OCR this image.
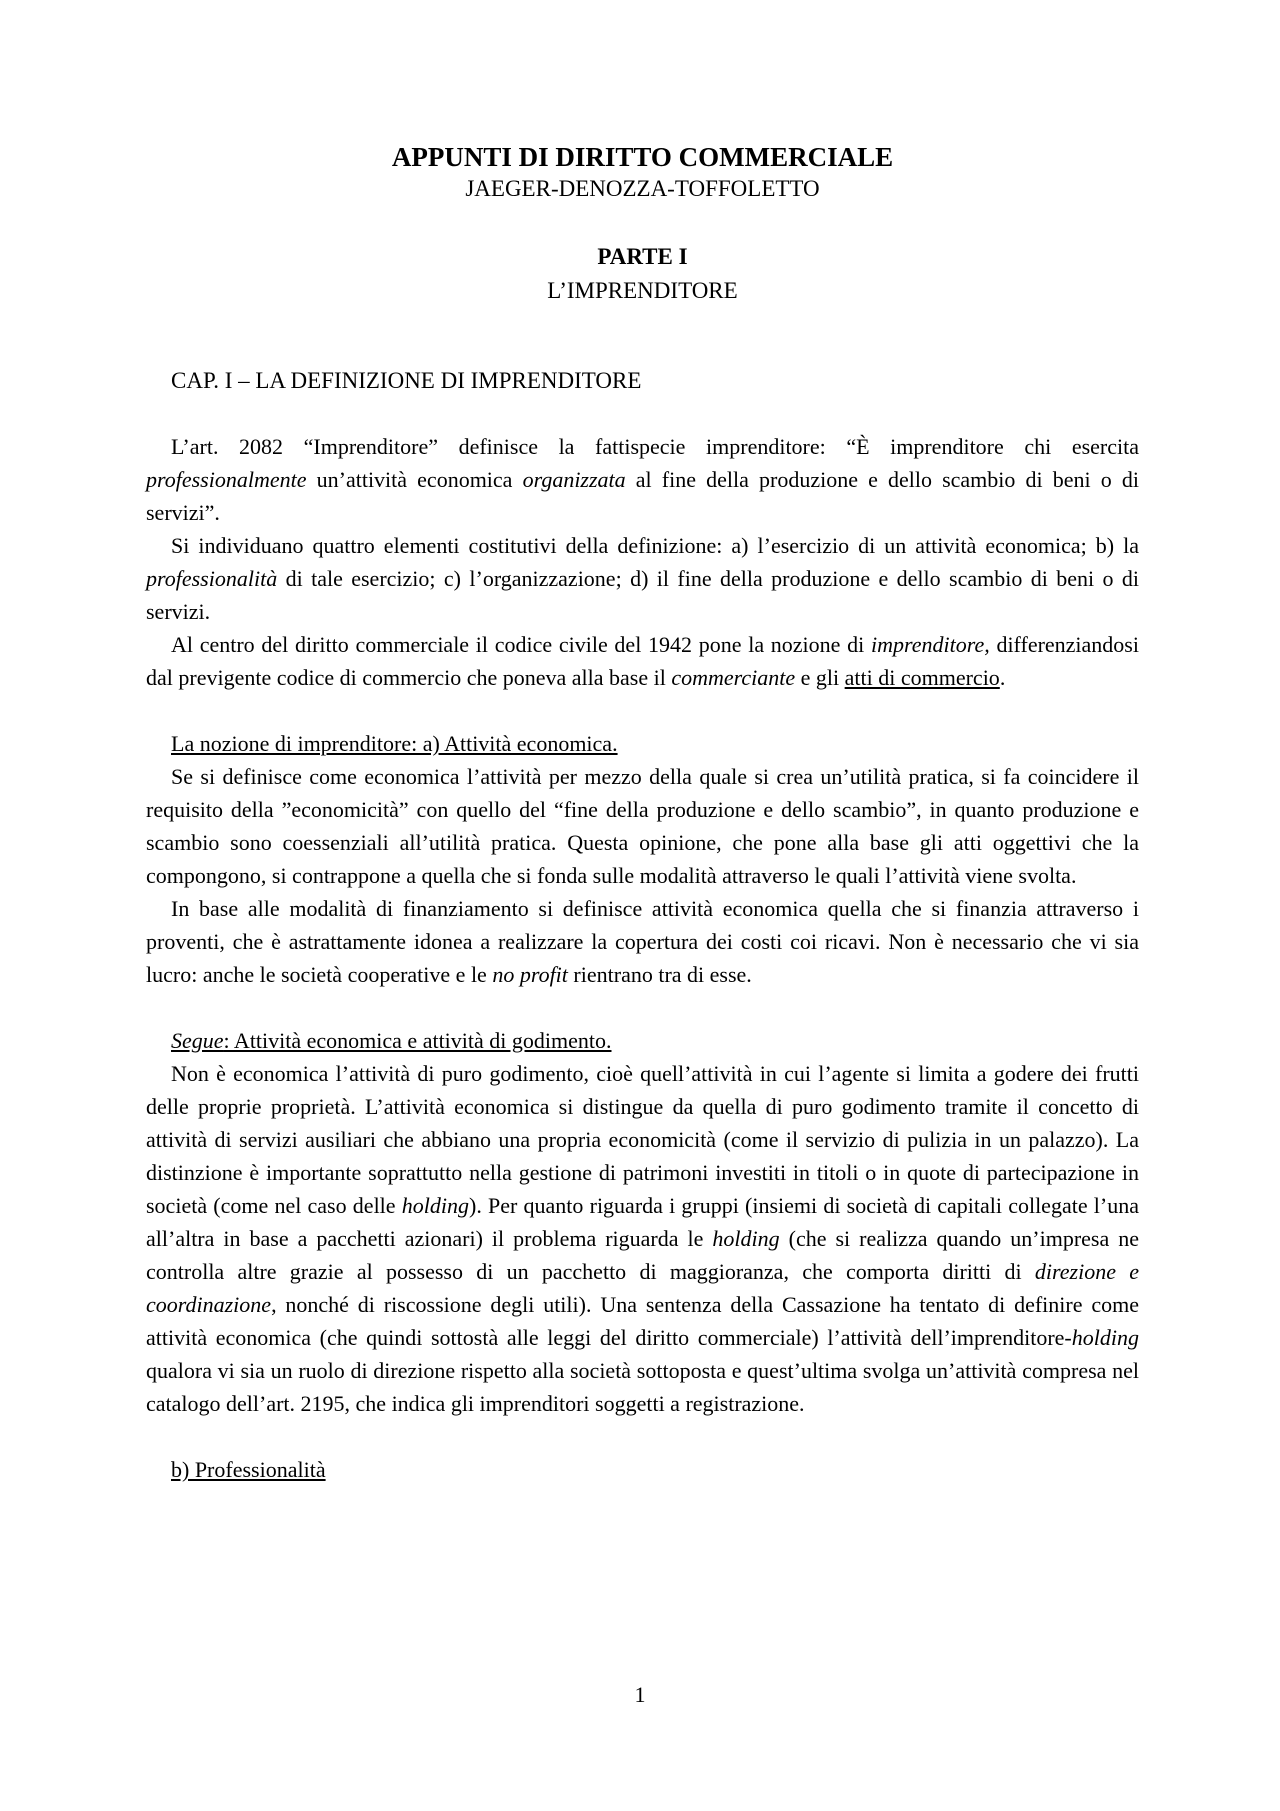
APPUNTI DI DIRITTO COMMERCIALE
JAEGER-DENOZZA-TOFFOLETTO
PARTE I
L’IMPRENDITORE
CAP. I – LA DEFINIZIONE DI IMPRENDITORE

L’art. 2082 “Imprenditore” definisce la fattispecie imprenditore: “È imprenditore chi esercita professionalmente un’attività economica organizzata al fine della produzione e dello scambio di beni o di servizi”.

Si individuano quattro elementi costitutivi della definizione: a) l’esercizio di un attività economica; b) la professionalità di tale esercizio; c) l’organizzazione; d) il fine della produzione e dello scambio di beni o di servizi.

Al centro del diritto commerciale il codice civile del 1942 pone la nozione di imprenditore, differenziandosi dal previgente codice di commercio che poneva alla base il commerciante e gli atti di commercio.

La nozione di imprenditore: a) Attività economica.

Se si definisce come economica l’attività per mezzo della quale si crea un’utilità pratica, si fa coincidere il requisito della ”economicità” con quello del “fine della produzione e dello scambio”, in quanto produzione e scambio sono coessenziali all’utilità pratica. Questa opinione, che pone alla base gli atti oggettivi che la compongono, si contrappone a quella che si fonda sulle modalità attraverso le quali l’attività viene svolta.

In base alle modalità di finanziamento si definisce attività economica quella che si finanzia attraverso i proventi, che è astrattamente idonea a realizzare la copertura dei costi coi ricavi. Non è necessario che vi sia lucro: anche le società cooperative e le no profit rientrano tra di esse.

Segue: Attività economica e attività di godimento.

Non è economica l’attività di puro godimento, cioè quell’attività in cui l’agente si limita a godere dei frutti delle proprie proprietà. L’attività economica si distingue da quella di puro godimento tramite il concetto di attività di servizi ausiliari che abbiano una propria economicità (come il servizio di pulizia in un palazzo). La distinzione è importante soprattutto nella gestione di patrimoni investiti in titoli o in quote di partecipazione in società (come nel caso delle holding). Per quanto riguarda i gruppi (insiemi di società di capitali collegate l’una all’altra in base a pacchetti azionari) il problema riguarda le holding (che si realizza quando un’impresa ne controlla altre grazie al possesso di un pacchetto di maggioranza, che comporta diritti di direzione e coordinazione, nonché di riscossione degli utili). Una sentenza della Cassazione ha tentato di definire come attività economica (che quindi sottostà alle leggi del diritto commerciale) l’attività dell’imprenditore-holding qualora vi sia un ruolo di direzione rispetto alla società sottoposta e quest’ultima svolga un’attività compresa nel catalogo dell’art. 2195, che indica gli imprenditori soggetti a registrazione.

b) Professionalità
1
